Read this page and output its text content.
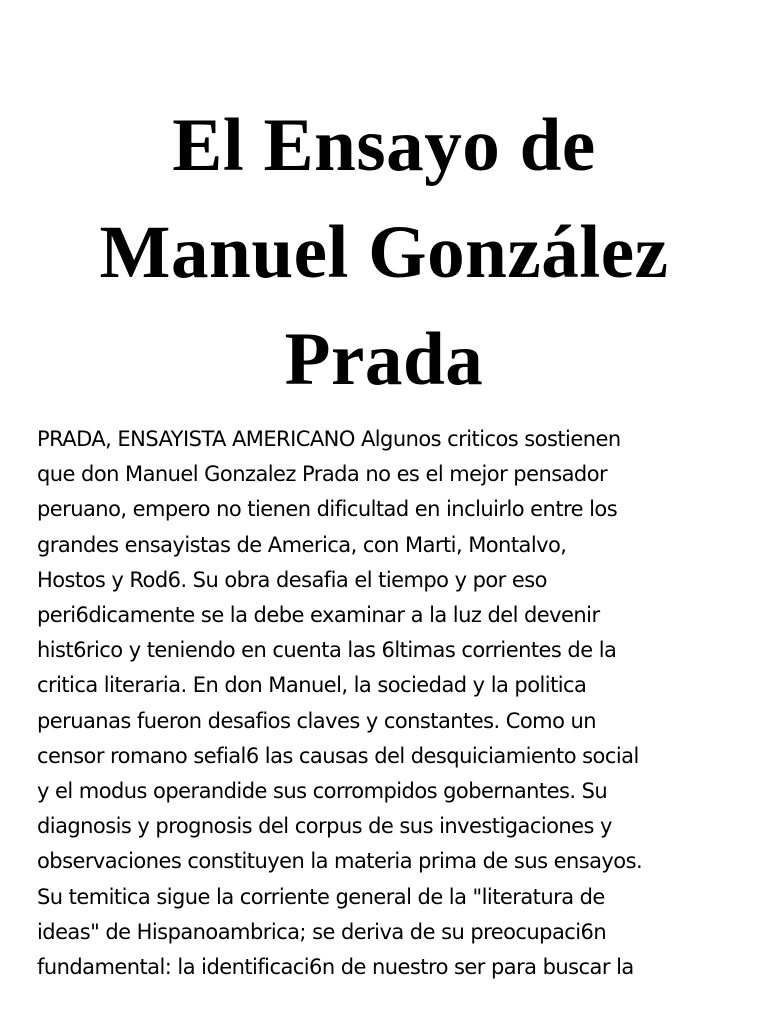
El Ensayo de
Manuel González
Prada

PRADA, ENSAYISTA AMERICANO Algunos criticos sostienen
que don Manuel Gonzalez Prada no es el mejor pensador
peruano, empero no tienen dificultad en incluirlo entre los
grandes ensayistas de America, con Marti, Montalvo,
Hostos y Rod6. Su obra desafia el tiempo y por eso
peri6dicamente se la debe examinar a la luz del devenir
hist6rico y teniendo en cuenta las 6ltimas corrientes de la
critica literaria. En don Manuel, la sociedad y la politica
peruanas fueron desafios claves y constantes. Como un
censor romano sefial6 las causas del desquiciamiento social
y el modus operandide sus corrompidos gobernantes. Su
diagnosis y prognosis del corpus de sus investigaciones y
observaciones constituyen la materia prima de sus ensayos.
Su temitica sigue la corriente general de la "literatura de
ideas" de Hispanoambrica; se deriva de su preocupaci6n
fundamental: la identificaci6n de nuestro ser para buscar la
